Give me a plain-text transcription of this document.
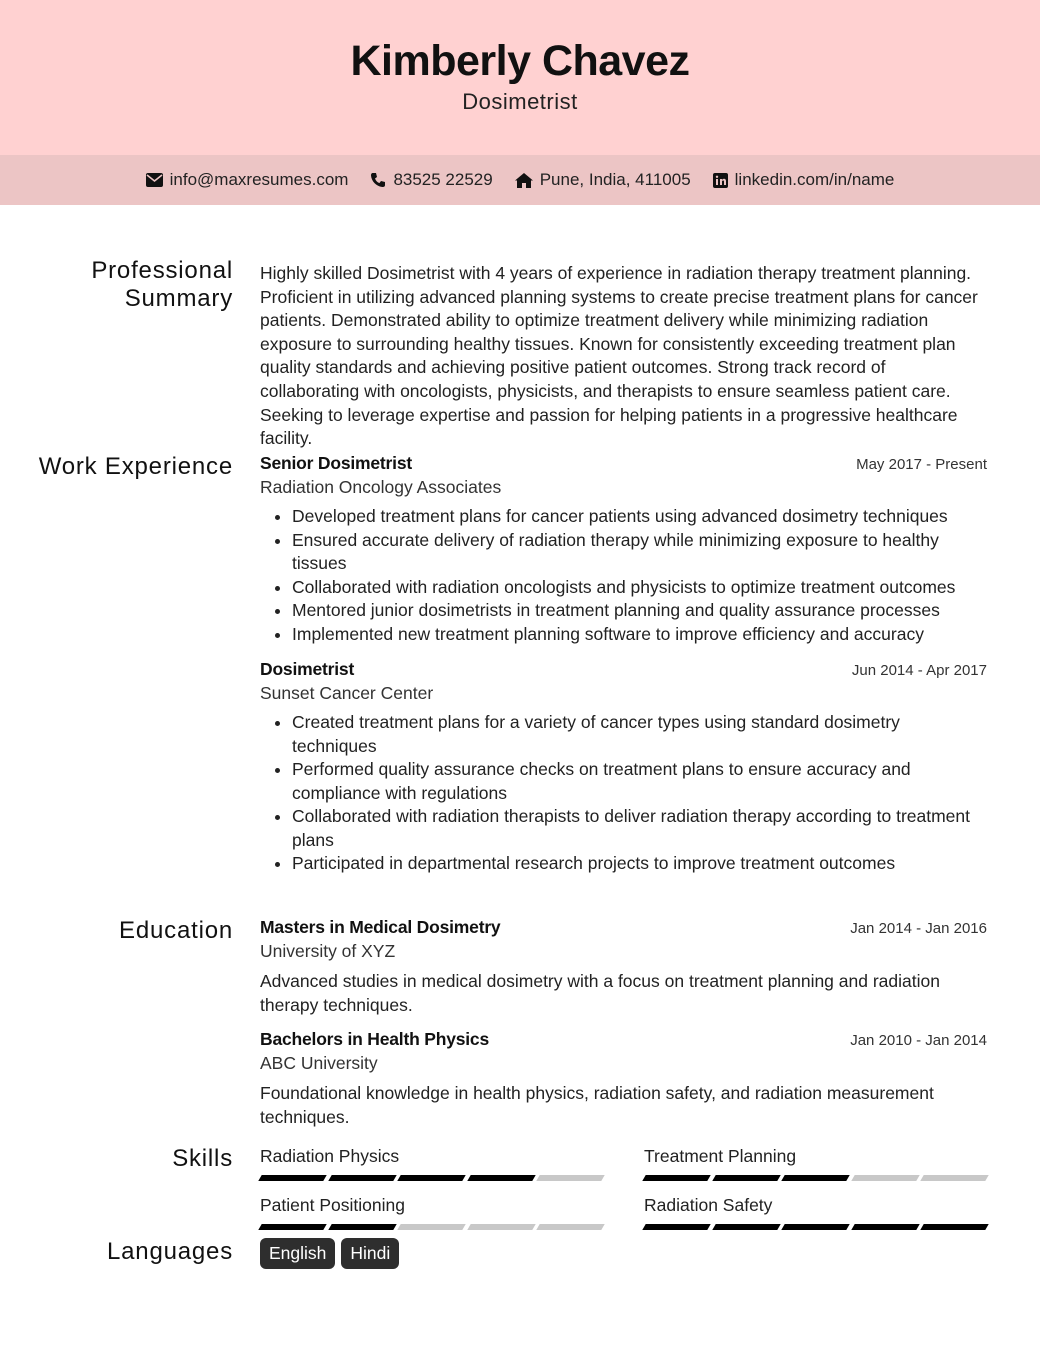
Kimberly Chavez
Dosimetrist
info@maxresumes.com	83525 22529	Pune, India, 411005	linkedin.com/in/name
Professional Summary

Highly skilled Dosimetrist with 4 years of experience in radiation therapy treatment planning. Proficient in utilizing advanced planning systems to create precise treatment plans for cancer patients. Demonstrated ability to optimize treatment delivery while minimizing radiation exposure to surrounding healthy tissues. Known for consistently exceeding treatment plan quality standards and achieving positive patient outcomes. Strong track record of collaborating with oncologists, physicists, and therapists to ensure seamless patient care. Seeking to leverage expertise and passion for helping patients in a progressive healthcare facility.

Work Experience Senior Dosimetrist	May 2017 - Present
Radiation Oncology Associates
• Developed treatment plans for cancer patients using advanced dosimetry techniques
• Ensured accurate delivery of radiation therapy while minimizing exposure to healthy tissues
• Collaborated with radiation oncologists and physicists to optimize treatment outcomes
• Mentored junior dosimetrists in treatment planning and quality assurance processes
• Implemented new treatment planning software to improve efficiency and accuracy
Dosimetrist	Jun 2014 - Apr 2017
Sunset Cancer Center
• Created treatment plans for a variety of cancer types using standard dosimetry techniques
• Performed quality assurance checks on treatment plans to ensure accuracy and compliance with regulations
• Collaborated with radiation therapists to deliver radiation therapy according to treatment plans
• Participated in departmental research projects to improve treatment outcomes
Education Masters in Medical Dosimetry	Jan 2014 - Jan 2016
University of XYZ
Advanced studies in medical dosimetry with a focus on treatment planning and radiation therapy techniques.
Bachelors in Health Physics	Jan 2010 - Jan 2014
ABC University
Foundational knowledge in health physics, radiation safety, and radiation measurement techniques.
Skills Radiation Physics	Treatment Planning
Patient Positioning	Radiation Safety
Languages	English	Hindi
